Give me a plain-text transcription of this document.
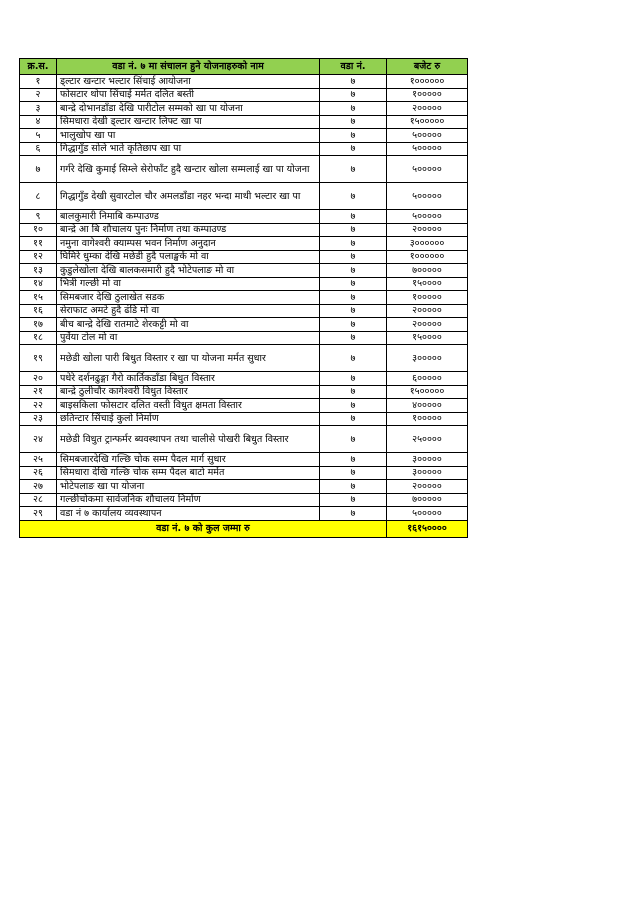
क्र.स.	वडा नं. ७ मा संचालन हुने योजनाहरुको नाम	वडा नं.	बजेट रु
१	ड्ल्टार खन्टार भल्टार सिंचाई आयोजना	७	१००००००
२	फोसटार थोपा सिंचाई मर्मत दलित बस्ती	७	१०००००
३	बान्द्रे दोभानडाँडा देखि पारीटोल सम्मको खा पा योजना	७	२०००००
४	सिमधारा देखी ड्ल्टार खन्टार लिफ्ट खा पा	७	१५०००००
५	भालुखोप खा पा	७	५०००००
६	गिद्धागुँड सोले भाते कृतिछाप खा पा	७	५०००००
७	गर्गरे देखि कुमाई सिम्ले सेरोफाँट हुदै खन्टार खोला सम्मलाई खा पा योजना	७	५०००००
८	गिद्धागुँड देखी सुवारटोल चौर अमलडाँडा नहर भन्दा माथी भल्टार खा पा	७	५०००००
९	बालकुमारी निमाबि कम्पाउण्ड	७	५०००००
१०	बान्द्रे आ बि शौचालय पुनः निर्माण तथा कम्पाउण्ड	७	२०००००
११	नमुना वागेश्वरी क्याम्पस भवन निर्माण अनुदान	७	३००००००
१२	घिमिरे धुम्का देखि मछेडी हुदै पलाङ्खर्क मो वा	७	१००००००
१३	कुडुलेखोला देखि बालकसमारी हुदै भोटेपलाङ मो वा	७	७०००००
१४	भित्री गल्छी मो वा	७	१५००००
१५	सिमबजार देखि ठुलाखेत सडक	७	१०००००
१६	सेराफाट अमटे हुदै ढंडि मो वा	७	२०००००
१७	बीच बान्द्रे देखि रातमाटे शेरकट्टी मो वा	७	२०००००
१८	पुर्वेया टोल मो वा	७	१५००००
१९	मछेडी खोला पारी बिधुत विस्तार र खा पा योजना मर्मत सुधार	७	३०००००
२०	पधेरे दर्शनढुङ्गा गैरो कार्तिकडाँडा बिधुत विस्तार	७	६०००००
२१	बान्द्रे ठुलीचौर कागेश्वरी विधुत विस्तार	७	१५०००००
२२	बाइसकिला फोसटार दलित वस्ती विधुत क्षमता विस्तार	७	४०००००
२३	छतिन्टार सिंचाई कुलो निर्माण	७	१०००००
२४	मछेडी विधुत ट्रान्फर्मर ब्यवस्थापन तथा चालीसे पोखरी बिधुत विस्तार	७	२५००००
२५	सिमबजारदेखि गल्छि चोक सम्म पैदल मार्ग सुधार	७	३०००००
२६	सिमधारा देखि गल्छि चोक सम्म पैदल बाटो मर्मत	७	३०००००
२७	भोटेपलाङ खा पा योजना	७	२०००००
२८	गल्छीचोकमा सार्वजनिक शौचालय निर्माण	७	७०००००
२९	वडा नं ७ कार्यालय व्यवस्थापन	७	५०००००
वडा नं. ७ को कुल जम्मा रु			१६१५००००
